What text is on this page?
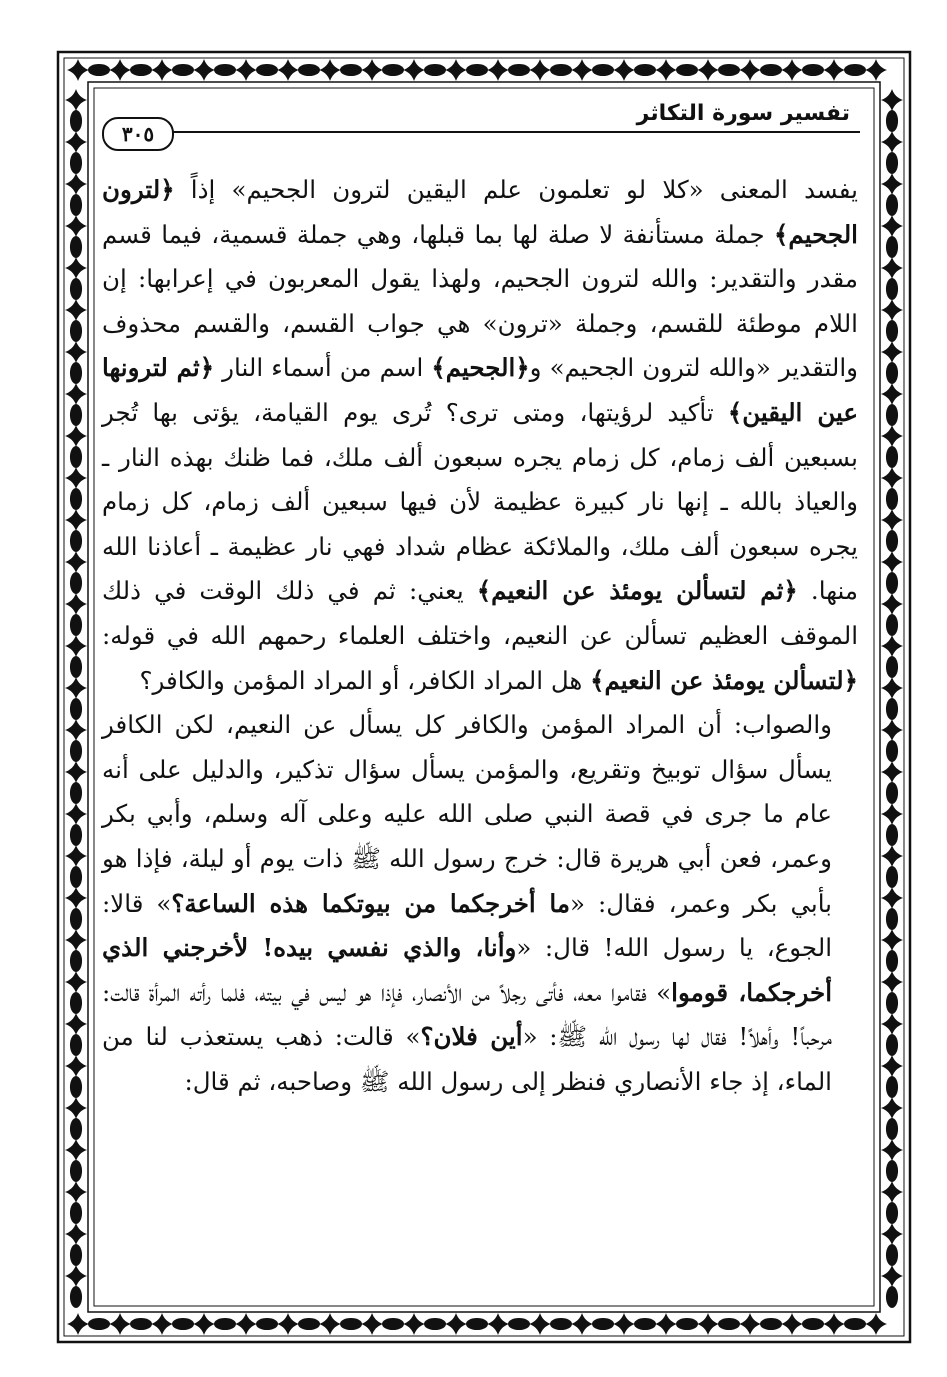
تفسير سورة التكاثر
٣٠٥

يفسد المعنى «كلا لو تعلمون علم اليقين لترون الجحيم» إذاً ﴿لترون الجحيم﴾ جملة مستأنفة لا صلة لها بما قبلها، وهي جملة قسمية، فيما قسم مقدر والتقدير: والله لترون الجحيم، ولهذا يقول المعربون في إعرابها: إن اللام موطئة للقسم، وجملة «ترون» هي جواب القسم، والقسم محذوف والتقدير «والله لترون الجحيم» و﴿الجحيم﴾ اسم من أسماء النار ﴿ثم لترونها عين اليقين﴾ تأكيد لرؤيتها، ومتى ترى؟ تُرى يوم القيامة، يؤتى بها تُجر بسبعين ألف زمام، كل زمام يجره سبعون ألف ملك، فما ظنك بهذه النار ـ والعياذ بالله ـ إنها نار كبيرة عظيمة لأن فيها سبعين ألف زمام، كل زمام يجره سبعون ألف ملك، والملائكة عظام شداد فهي نار عظيمة ـ أعاذنا الله منها. ﴿ثم لتسألن يومئذ عن النعيم﴾ يعني: ثم في ذلك الوقت في ذلك الموقف العظيم تسألن عن النعيم، واختلف العلماء رحمهم الله في قوله: ﴿لتسألن يومئذ عن النعيم﴾ هل المراد الكافر، أو المراد المؤمن والكافر؟

والصواب: أن المراد المؤمن والكافر كل يسأل عن النعيم، لكن الكافر يسأل سؤال توبيخ وتقريع، والمؤمن يسأل سؤال تذكير، والدليل على أنه عام ما جرى في قصة النبي صلى الله عليه وعلى آله وسلم، وأبي بكر وعمر، فعن أبي هريرة قال: خرج رسول الله ﷺ ذات يوم أو ليلة، فإذا هو بأبي بكر وعمر، فقال: «ما أخرجكما من بيوتكما هذه الساعة؟» قالا: الجوع، يا رسول الله! قال: «وأنا، والذي نفسي بيده! لأخرجني الذي أخرجكما، قوموا» فقاموا معه، فأتى رجلاً من الأنصار، فإذا هو ليس في بيته، فلما رأته المرأة قالت: مرحباً! وأهلاً! فقال لها رسول الله ﷺ: «أين فلان؟» قالت: ذهب يستعذب لنا من الماء، إذ جاء الأنصاري فنظر إلى رسول الله ﷺ وصاحبه، ثم قال:
